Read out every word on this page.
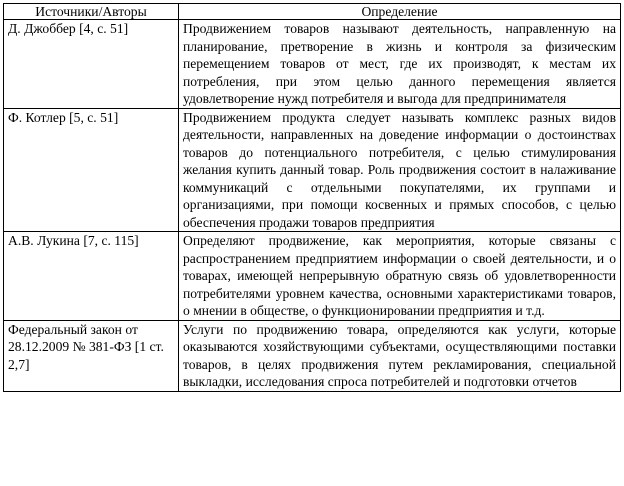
Источники/Авторы	Определение
Д. Джоббер [4, с. 51]	Продвижением товаров называют деятельность, направленную на планирование, претворение в жизнь и контроля за физическим перемещением товаров от мест, где их производят, к местам их потребления, при этом целью данного перемещения является удовлетворение нужд потребителя и выгода для предпринимателя
Ф. Котлер [5, с. 51]	Продвижением продукта следует называть комплекс разных видов деятельности, направленных на доведение информации о достоинствах товаров до потенциального потребителя, с целью стимулирования желания купить данный товар. Роль продвижения состоит в налаживание коммуникаций с отдельными покупателями, их группами и организациями, при помощи косвенных и прямых способов, с целью обеспечения продажи товаров предприятия
А.В. Лукина [7, с. 115]	Определяют продвижение, как мероприятия, которые связаны с распространением предприятием информации о своей деятельности, и о товарах, имеющей непрерывную обратную связь об удовлетворенности потребителями уровнем качества, основными характеристиками товаров, о мнении в обществе, о функционировании предприятия и т.д.
Федеральный закон от 28.12.2009 № 381-ФЗ [1 ст. 2,7]	Услуги по продвижению товара, определяются как услуги, которые оказываются хозяйствующими субъектами, осуществляющими поставки товаров, в целях продвижения путем рекламирования, специальной выкладки, исследования спроса потребителей и подготовки отчетов
